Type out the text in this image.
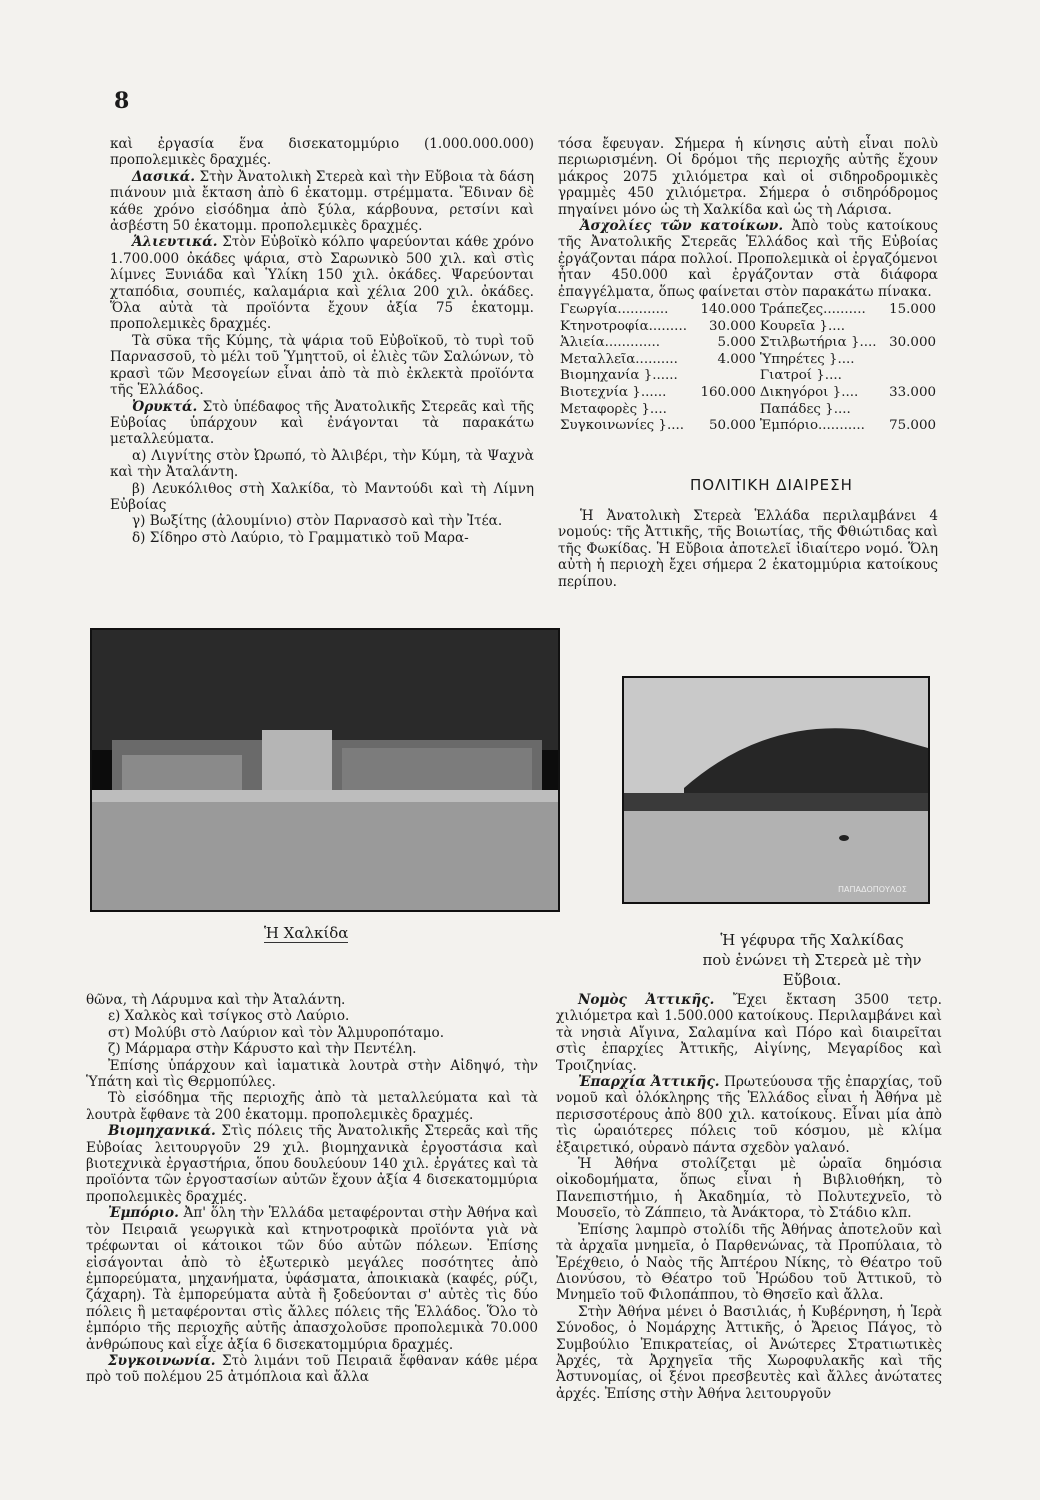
8

καὶ ἐργασία ἕνα δισεκατομμύριο (1.000.000.000) προπολεμικὲς δραχμές.

Δασικά. Στὴν Ἀνατολικὴ Στερεὰ καὶ τὴν Εὔβοια τὰ δάση πιάνουν μιὰ ἔκταση ἀπὸ 6 ἑκατομμ. στρέμματα. Ἔδιναν δὲ κάθε χρόνο εἰσόδημα ἀπὸ ξύλα, κάρβουνα, ρετσίνι καὶ ἀσβέστη 50 ἑκατομμ. προπολεμικὲς δραχμές.

Ἁλιευτικά. Στὸν Εὐβοϊκὸ κόλπο ψαρεύονται κάθε χρόνο 1.700.000 ὀκάδες ψάρια, στὸ Σαρωνικὸ 500 χιλ. καὶ στὶς λίμνες Ξυνιάδα καὶ Ὑλίκη 150 χιλ. ὀκάδες. Ψαρεύονται χταπόδια, σουπιές, καλαμάρια καὶ χέλια 200 χιλ. ὀκάδες. Ὅλα αὐτὰ τὰ προϊόντα ἔχουν ἀξία 75 ἑκατομμ. προπολεμικὲς δραχμές.

Τὰ σῦκα τῆς Κύμης, τὰ ψάρια τοῦ Εὐβοϊκοῦ, τὸ τυρὶ τοῦ Παρνασσοῦ, τὸ μέλι τοῦ Ὑμηττοῦ, οἱ ἐλιὲς τῶν Σαλώνων, τὸ κρασὶ τῶν Μεσογείων εἶναι ἀπὸ τὰ πιὸ ἐκλεκτὰ προϊόντα τῆς Ἑλλάδος.

Ὀρυκτά. Στὸ ὑπέδαφος τῆς Ἀνατολικῆς Στερεᾶς καὶ τῆς Εὐβοίας ὑπάρχουν καὶ ἐνάγονται τὰ παρακάτω μεταλλεύματα.

α) Λιγνίτης στὸν Ὠρωπό, τὸ Ἀλιβέρι, τὴν Κύμη, τὰ Ψαχνὰ καὶ τὴν Ἀταλάντη.

β) Λευκόλιθος στὴ Χαλκίδα, τὸ Μαντούδι καὶ τὴ Λίμνη Εὐβοίας

γ) Βωξίτης (ἀλουμίνιο) στὸν Παρνασσὸ καὶ τὴν Ἰτέα.

δ) Σίδηρο στὸ Λαύριο, τὸ Γραμματικὸ τοῦ Μαρα-

τόσα ἔφευγαν. Σήμερα ἡ κίνησις αὐτὴ εἶναι πολὺ περιωρισμένη. Οἱ δρόμοι τῆς περιοχῆς αὐτῆς ἔχουν μάκρος 2075 χιλιόμετρα καὶ οἱ σιδηροδρομικὲς γραμμὲς 450 χιλιόμετρα. Σήμερα ὁ σιδηρόδρομος πηγαίνει μόνο ὡς τὴ Χαλκίδα καὶ ὡς τὴ Λάρισα.

Ἀσχολίες τῶν κατοίκων. Ἀπὸ τοὺς κατοίκους τῆς Ἀνατολικῆς Στερεᾶς Ἑλλάδος καὶ τῆς Εὐβοίας ἐργάζονται πάρα πολλοί. Προπολεμικὰ οἱ ἐργαζόμενοι ἦταν 450.000 καὶ ἐργάζονταν στὰ διάφορα ἐπαγγέλματα, ὅπως φαίνεται στὸν παρακάτω πίνακα.

Γεωργία............	140.000	Τράπεζες..........	15.000
Κτηνοτροφία.........	30.000	Κουρεῖα }....	
Ἁλιεία.............	5.000	Στιλβωτήρια }....	30.000
Μεταλλεῖα..........	4.000	Ὑπηρέτες }....	
Βιομηχανία }......		Γιατροί }....	
Βιοτεχνία }......	160.000	Δικηγόροι }....	33.000
Μεταφορὲς }....		Παπάδες }....	
Συγκοινωνίες }....	50.000	Ἐμπόριο...........	75.000
ΠΟΛΙΤΙΚΗ ΔΙΑΙΡΕΣΗ

Ἡ Ἀνατολικὴ Στερεὰ Ἑλλάδα περιλαμβάνει 4 νομούς: τῆς Ἀττικῆς, τῆς Βοιωτίας, τῆς Φθιώτιδας καὶ τῆς Φωκίδας. Ἡ Εὔβοια ἀποτελεῖ ἰδιαίτερο νομό. Ὅλη αὐτὴ ἡ περιοχὴ ἔχει σήμερα 2 ἑκατομμύρια κατοίκους περίπου.

ΠΑΠΑΔΟΠΟΥΛΟΣ
Ἡ Χαλκίδα	Ἡ γέφυρα τῆς Χαλκίδας
ποὺ ἑνώνει τὴ Στερεὰ μὲ τὴν Εὔβοια.

θῶνα, τὴ Λάρυμνα καὶ τὴν Ἀταλάντη.

ε) Χαλκὸς καὶ τσίγκος στὸ Λαύριο.

στ) Μολύβι στὸ Λαύριον καὶ τὸν Ἁλμυροπόταμο.

ζ) Μάρμαρα στὴν Κάρυστο καὶ τὴν Πεντέλη.

Ἐπίσης ὑπάρχουν καὶ ἰαματικὰ λουτρὰ στὴν Αἰδηψό, τὴν Ὑπάτη καὶ τὶς Θερμοπύλες.

Τὸ εἰσόδημα τῆς περιοχῆς ἀπὸ τὰ μεταλλεύματα καὶ τὰ λουτρὰ ἔφθανε τὰ 200 ἑκατομμ. προπολεμικὲς δραχμές.

Βιομηχανικά. Στὶς πόλεις τῆς Ἀνατολικῆς Στερεᾶς καὶ τῆς Εὐβοίας λειτουργοῦν 29 χιλ. βιομηχανικὰ ἐργοστάσια καὶ βιοτεχνικὰ ἐργαστήρια, ὅπου δουλεύουν 140 χιλ. ἐργάτες καὶ τὰ προϊόντα τῶν ἐργοστασίων αὐτῶν ἔχουν ἀξία 4 δισεκατομμύρια προπολεμικὲς δραχμές.

Ἐμπόριο. Ἀπ' ὅλη τὴν Ἑλλάδα μεταφέρονται στὴν Ἀθήνα καὶ τὸν Πειραιᾶ γεωργικὰ καὶ κτηνοτροφικὰ προϊόντα γιὰ νὰ τρέφωνται οἱ κάτοικοι τῶν δύο αὐτῶν πόλεων. Ἐπίσης εἰσάγονται ἀπὸ τὸ ἐξωτερικὸ μεγάλες ποσότητες ἀπὸ ἐμπορεύματα, μηχανήματα, ὑφάσματα, ἀποικιακὰ (καφές, ρύζι, ζάχαρη). Τὰ ἐμπορεύματα αὐτὰ ἢ ξοδεύονται σ' αὐτὲς τὶς δύο πόλεις ἢ μεταφέρονται στὶς ἄλλες πόλεις τῆς Ἑλλάδος. Ὅλο τὸ ἐμπόριο τῆς περιοχῆς αὐτῆς ἀπασχολοῦσε προπολεμικὰ 70.000 ἀνθρώπους καὶ εἶχε ἀξία 6 δισεκατομμύρια δραχμές.

Συγκοινωνία. Στὸ λιμάνι τοῦ Πειραιᾶ ἔφθαναν κάθε μέρα πρὸ τοῦ πολέμου 25 ἀτμόπλοια καὶ ἄλλα

Νομὸς Ἀττικῆς. Ἔχει ἔκταση 3500 τετρ. χιλιόμετρα καὶ 1.500.000 κατοίκους. Περιλαμβάνει καὶ τὰ νησιὰ Αἴγινα, Σαλαμίνα καὶ Πόρο καὶ διαιρεῖται στὶς ἐπαρχίες Ἀττικῆς, Αἰγίνης, Μεγαρίδος καὶ Τροιζηνίας.

Ἐπαρχία Ἀττικῆς. Πρωτεύουσα τῆς ἐπαρχίας, τοῦ νομοῦ καὶ ὁλόκληρης τῆς Ἑλλάδος εἶναι ἡ Ἀθήνα μὲ περισσοτέρους ἀπὸ 800 χιλ. κατοίκους. Εἶναι μία ἀπὸ τὶς ὡραιότερες πόλεις τοῦ κόσμου, μὲ κλίμα ἐξαιρετικό, οὐρανὸ πάντα σχεδὸν γαλανό.

Ἡ Ἀθήνα στολίζεται μὲ ὡραῖα δημόσια οἰκοδομήματα, ὅπως εἶναι ἡ Βιβλιοθήκη, τὸ Πανεπιστήμιο, ἡ Ἀκαδημία, τὸ Πολυτεχνεῖο, τὸ Μουσεῖο, τὸ Ζάππειο, τὰ Ἀνάκτορα, τὸ Στάδιο κλπ.

Ἐπίσης λαμπρὸ στολίδι τῆς Ἀθήνας ἀποτελοῦν καὶ τὰ ἀρχαῖα μνημεῖα, ὁ Παρθενώνας, τὰ Προπύλαια, τὸ Ἐρέχθειο, ὁ Ναὸς τῆς Ἀπτέρου Νίκης, τὸ Θέατρο τοῦ Διονύσου, τὸ Θέατρο τοῦ Ἡρώδου τοῦ Ἀττικοῦ, τὸ Μνημεῖο τοῦ Φιλοπάππου, τὸ Θησεῖο καὶ ἄλλα.

Στὴν Ἀθήνα μένει ὁ Βασιλιάς, ἡ Κυβέρνηση, ἡ Ἱερὰ Σύνοδος, ὁ Νομάρχης Ἀττικῆς, ὁ Ἄρειος Πάγος, τὸ Συμβούλιο Ἐπικρατείας, οἱ Ἀνώτερες Στρατιωτικὲς Ἀρχές, τὰ Ἀρχηγεῖα τῆς Χωροφυλακῆς καὶ τῆς Ἀστυνομίας, οἱ ξένοι πρεσβευτὲς καὶ ἄλλες ἀνώτατες ἀρχές. Ἐπίσης στὴν Ἀθήνα λειτουργοῦν
